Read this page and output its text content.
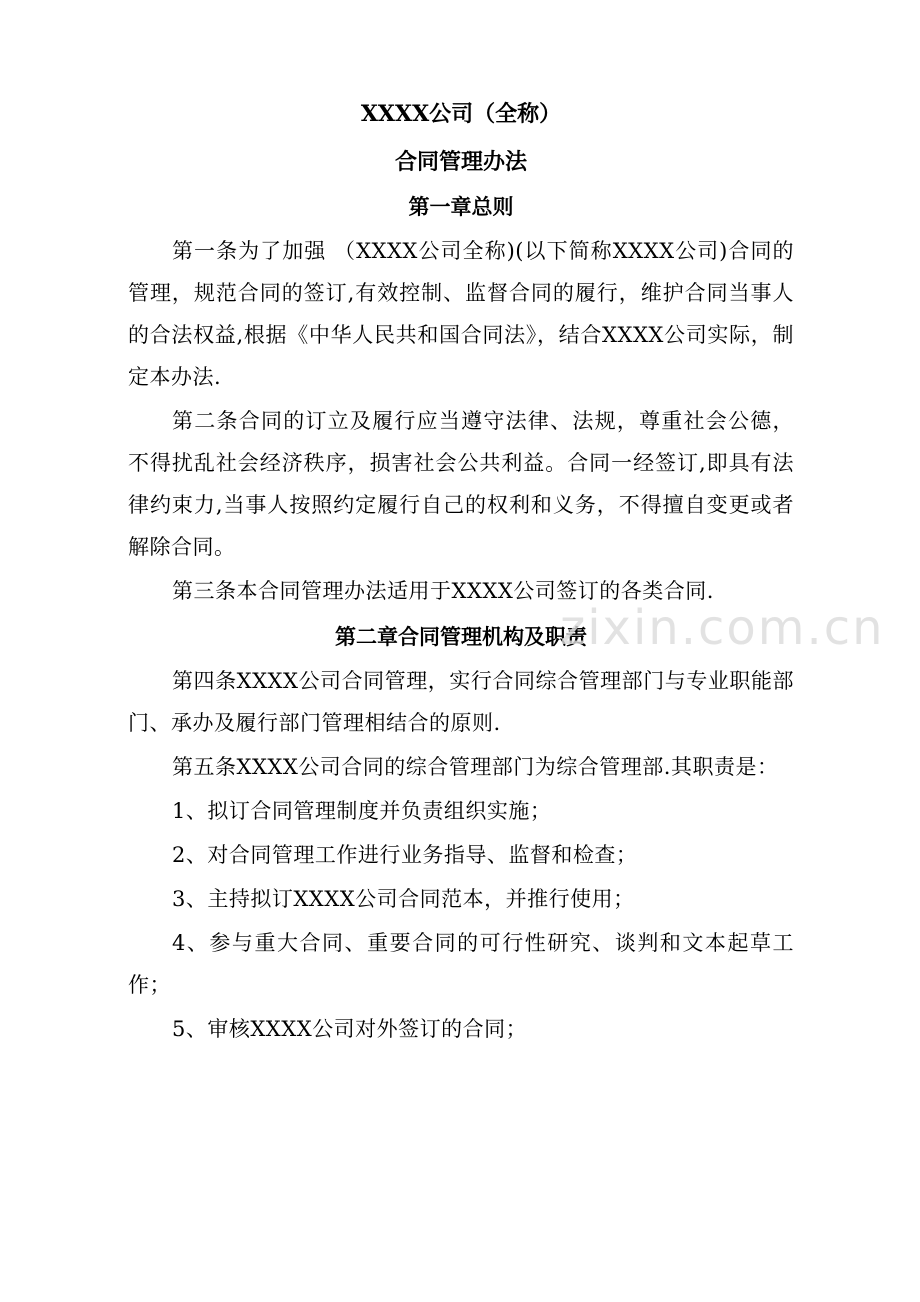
XXXX公司（全称）

合同管理办法

第一章总则

第一条为了加强 （XXXX公司全称)(以下简称XXXX公司)合同的管理，规范合同的签订,有效控制、监督合同的履行，维护合同当事人的合法权益,根据《中华人民共和国合同法》，结合XXXX公司实际，制定本办法.

第二条合同的订立及履行应当遵守法律、法规，尊重社会公德，不得扰乱社会经济秩序，损害社会公共利益。合同一经签订,即具有法律约束力,当事人按照约定履行自己的权利和义务，不得擅自变更或者解除合同。

第三条本合同管理办法适用于XXXX公司签订的各类合同.

第二章合同管理机构及职责

第四条XXXX公司合同管理，实行合同综合管理部门与专业职能部门、承办及履行部门管理相结合的原则.

第五条XXXX公司合同的综合管理部门为综合管理部.其职责是：

1、拟订合同管理制度并负责组织实施；

2、对合同管理工作进行业务指导、监督和检查；

3、主持拟订XXXX公司合同范本，并推行使用；

4、参与重大合同、重要合同的可行性研究、谈判和文本起草工作；

5、审核XXXX公司对外签订的合同；

zixin.com.cn
